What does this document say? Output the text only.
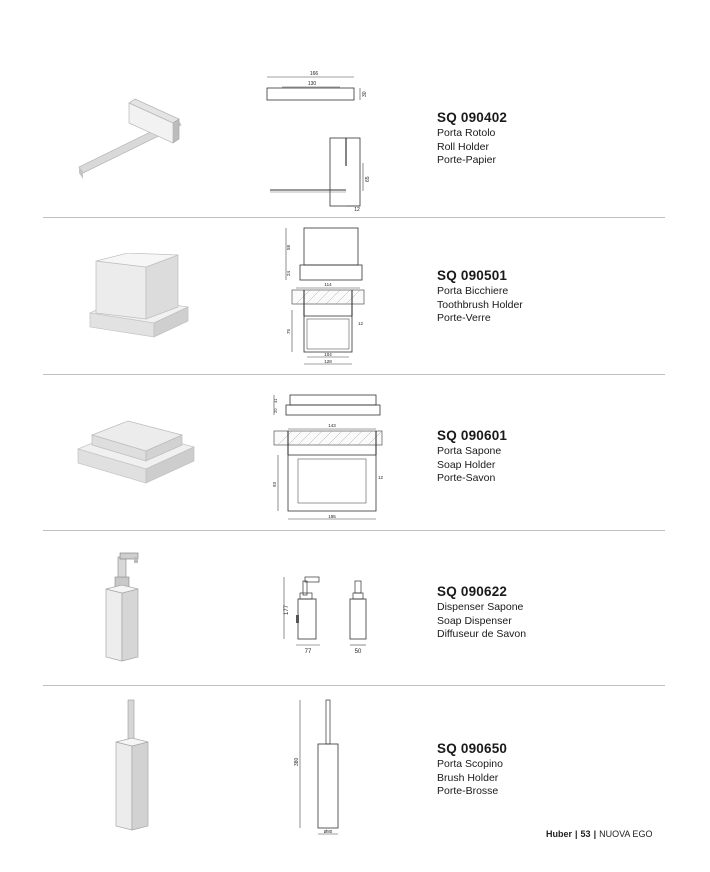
166
130
30
65
12
SQ 090402
Porta Rotolo
Roll Holder
Porte-Papier
58
24
114
75
12
104
128
SQ 090501
Porta Bicchiere
Toothbrush Holder
Porte-Verre
41
20
143
93
12
195
SQ 090601
Porta Sapone
Soap Holder
Porte-Savon
177
77	50
SQ 090622
Dispenser Sapone
Soap Dispenser
Diffuseur de Savon
380
Ø80
SQ 090650
Porta Scopino
Brush Holder
Porte-Brosse
Huber | 53 | NUOVA EGO
